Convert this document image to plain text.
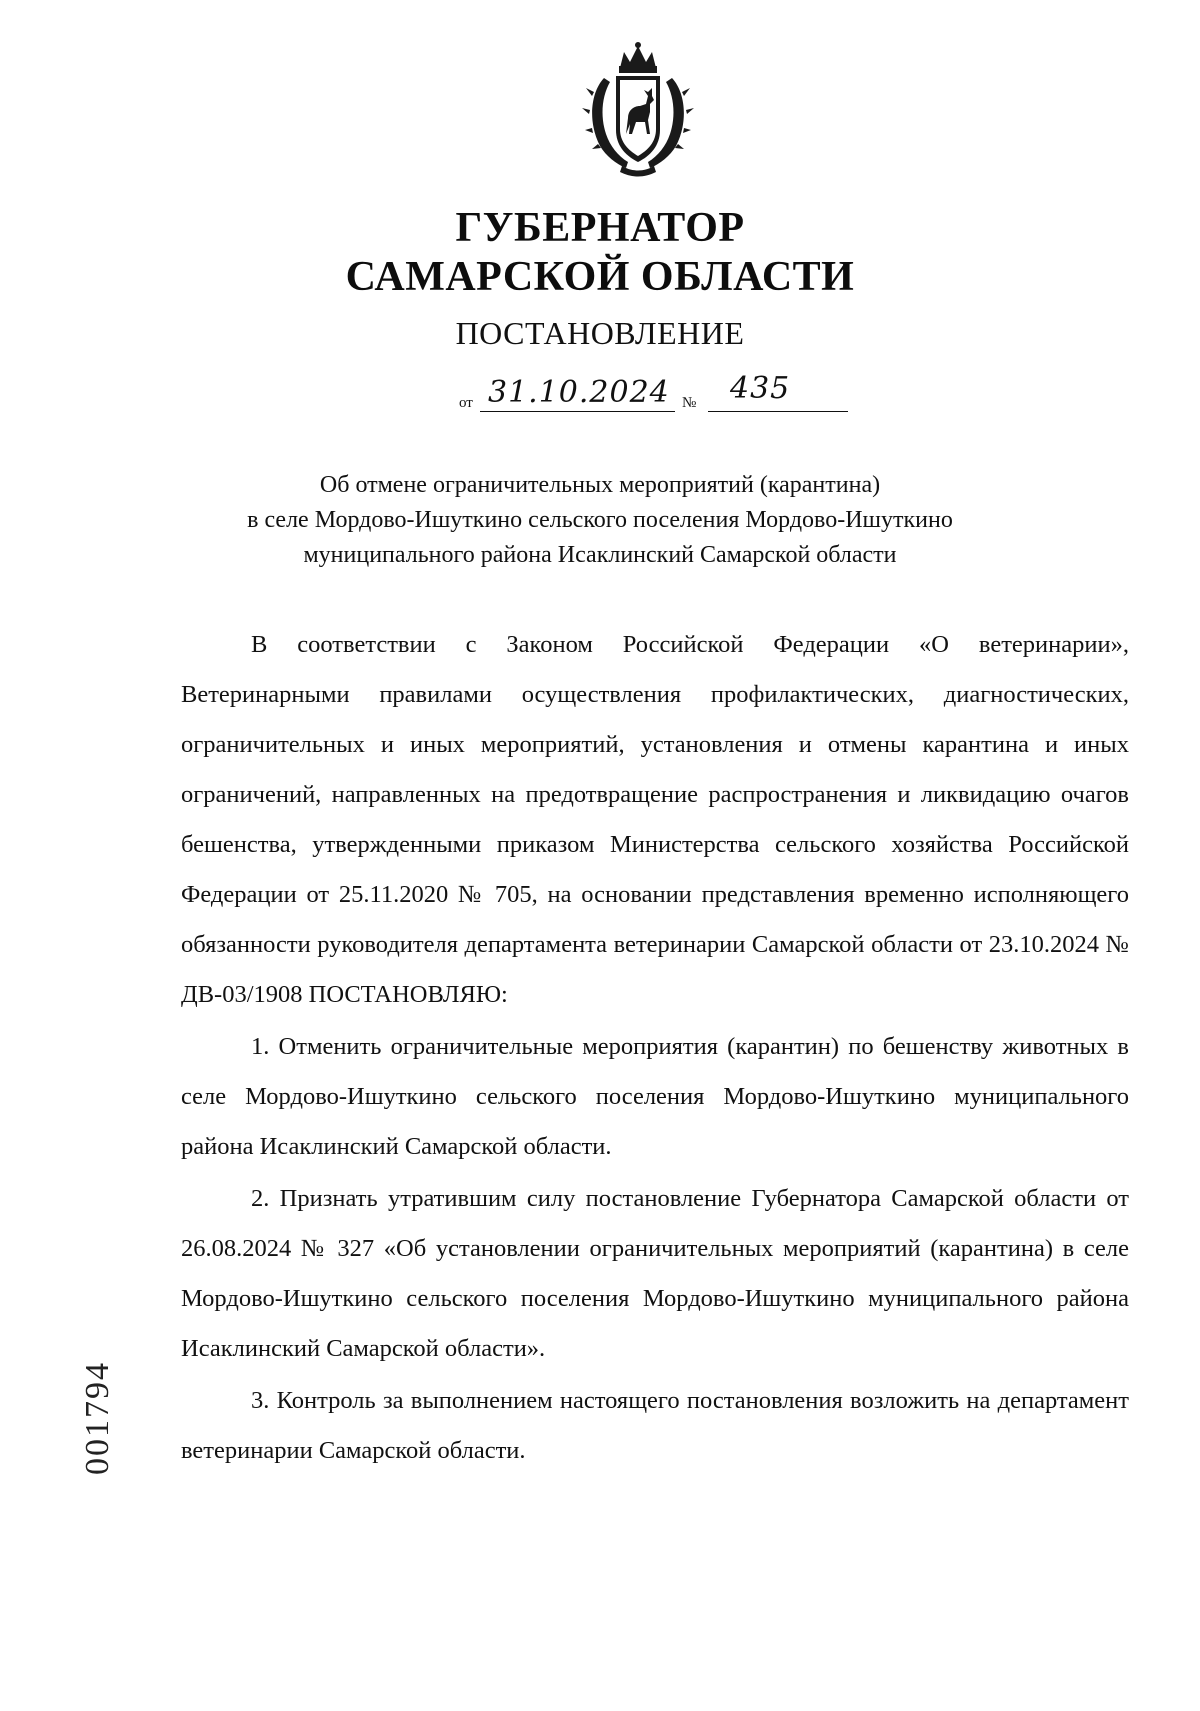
ГУБЕРНАТОР
САМАРСКОЙ ОБЛАСТИ
ПОСТАНОВЛЕНИЕ
от 31.10.2024 № 435
Об отмене ограничительных мероприятий (карантина)
в селе Мордово-Ишуткино сельского поселения Мордово-Ишуткино
муниципального района Исаклинский Самарской области

В соответствии с Законом Российской Федерации «О ветеринарии», Ветеринарными правилами осуществления профилактических, диагностических, ограничительных и иных мероприятий, установления и отмены карантина и иных ограничений, направленных на предотвращение распространения и ликвидацию очагов бешенства, утвержденными приказом Министерства сельского хозяйства Российской Федерации от 25.11.2020 № 705, на основании представления временно исполняющего обязанности руководителя департамента ветеринарии Самарской области от 23.10.2024 № ДВ-03/1908 ПОСТАНОВЛЯЮ:

1. Отменить ограничительные мероприятия (карантин) по бешенству животных в селе Мордово-Ишуткино сельского поселения Мордово-Ишуткино муниципального района Исаклинский Самарской области.

2. Признать утратившим силу постановление Губернатора Самарской области от 26.08.2024 № 327 «Об установлении ограничительных мероприятий (карантина) в селе Мордово-Ишуткино сельского поселения Мордово-Ишуткино муниципального района Исаклинский Самарской области».

3. Контроль за выполнением настоящего постановления возложить на департамент ветеринарии Самарской области.

001794
